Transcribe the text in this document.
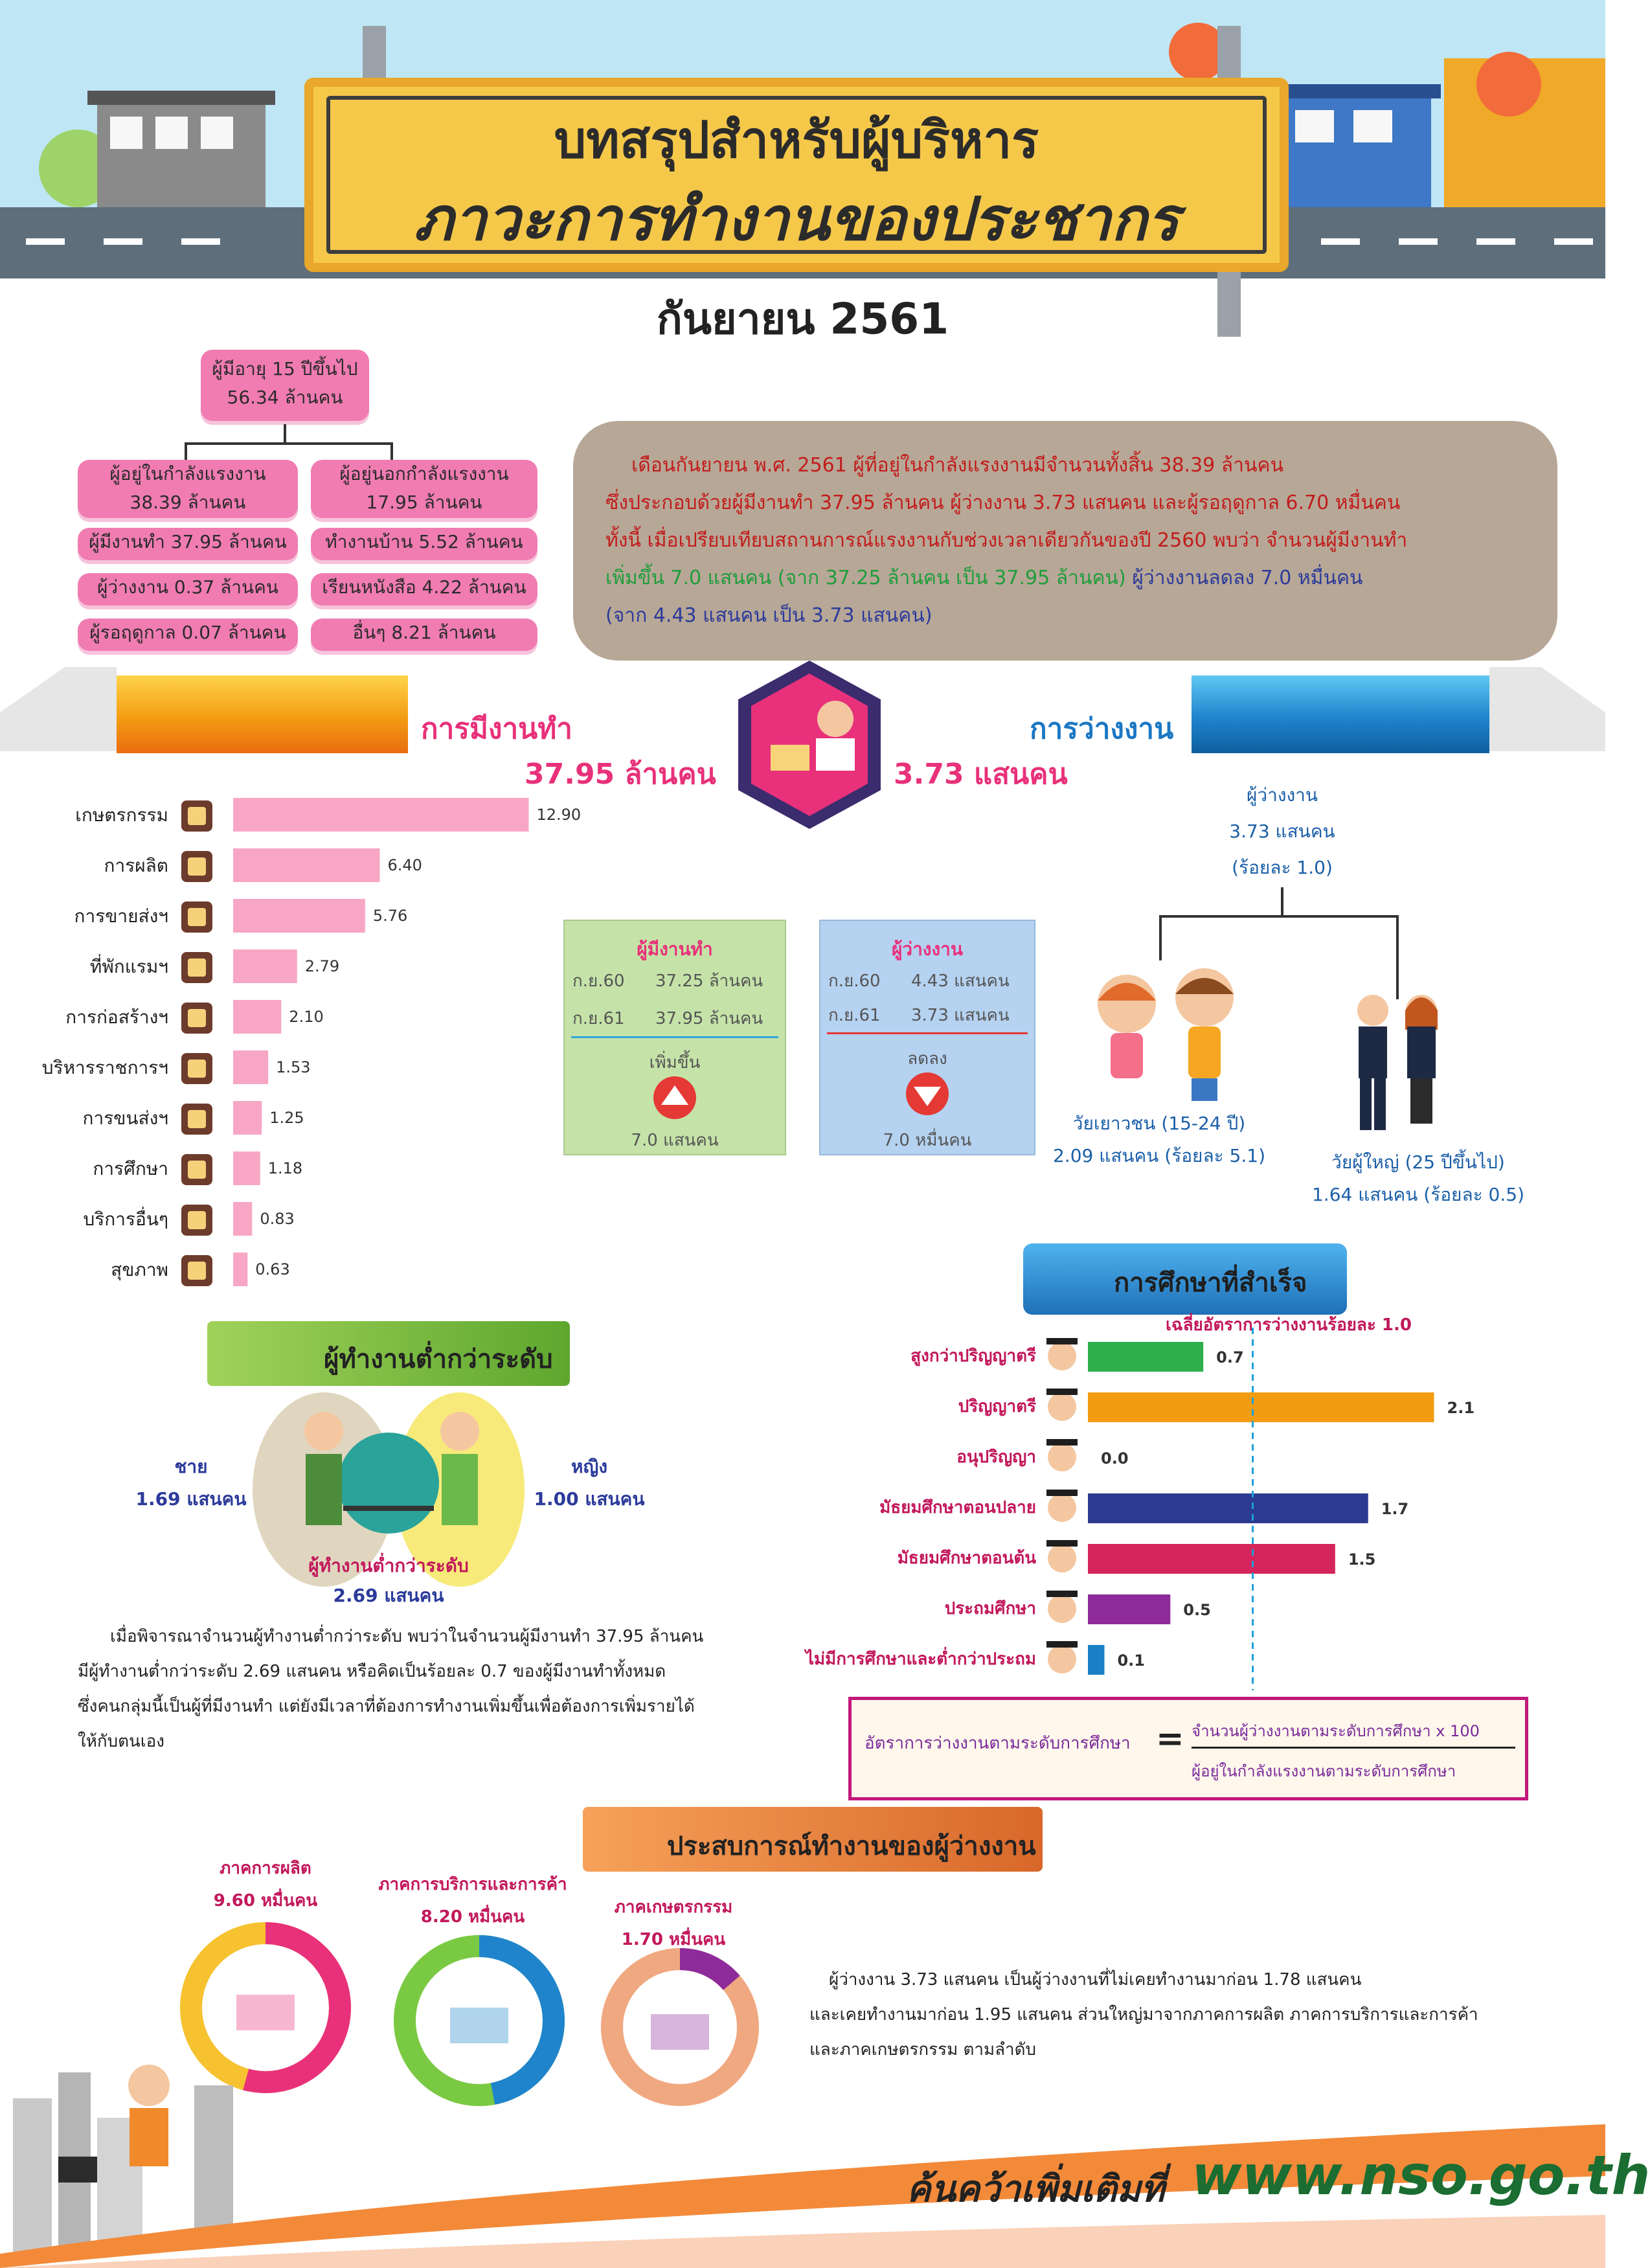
บทสรุปสำหรับผู้บริหาร
ภาวะการทำงานของประชากร
กันยายน 2561
ผู้มีอายุ 15 ปีขึ้นไป
56.34 ล้านคน
ผู้อยู่ในกำลังแรงงาน
38.39 ล้านคน
ผู้อยู่นอกกำลังแรงงาน
17.95 ล้านคน
ผู้มีงานทำ 37.95 ล้านคน
ผู้ว่างงาน 0.37 ล้านคน
ผู้รอฤดูกาล 0.07 ล้านคน
ทำงานบ้าน 5.52 ล้านคน
เรียนหนังสือ 4.22 ล้านคน
อื่นๆ 8.21 ล้านคน
เดือนกันยายน พ.ศ. 2561 ผู้ที่อยู่ในกำลังแรงงานมีจำนวนทั้งสิ้น 38.39 ล้านคน
ซึ่งประกอบด้วยผู้มีงานทำ 37.95 ล้านคน ผู้ว่างงาน 3.73 แสนคน และผู้รอฤดูกาล 6.70 หมื่นคน
ทั้งนี้ เมื่อเปรียบเทียบสถานการณ์แรงงานกับช่วงเวลาเดียวกันของปี 2560 พบว่า จำนวนผู้มีงานทำ
เพิ่มขึ้น 7.0 แสนคน (จาก 37.25 ล้านคน เป็น 37.95 ล้านคน) ผู้ว่างงานลดลง 7.0 หมื่นคน
(จาก 4.43 แสนคน เป็น 3.73 แสนคน)
การมีงานทำ
37.95 ล้านคน
การว่างงาน
3.73 แสนคน
เกษตรกรรม	12.90
การผลิต	6.40
การขายส่งฯ	5.76
ที่พักแรมฯ	2.79
การก่อสร้างฯ	2.10
บริหารราชการฯ	1.53
การขนส่งฯ	1.25
การศึกษา	1.18
บริการอื่นๆ	0.83
สุขภาพ	0.63
ผู้มีงานทำ
ก.ย.60 37.25 ล้านคน
ก.ย.61 37.95 ล้านคน
เพิ่มขึ้น
7.0 แสนคน
ผู้ว่างงาน
ก.ย.60 4.43 แสนคน
ก.ย.61 3.73 แสนคน
ลดลง
7.0 หมื่นคน
ผู้ว่างงาน
3.73 แสนคน
(ร้อยละ 1.0)
วัยเยาวชน (15-24 ปี)
2.09 แสนคน (ร้อยละ 5.1)	วัยผู้ใหญ่ (25 ปีขึ้นไป)
1.64 แสนคน (ร้อยละ 0.5)
การศึกษาที่สำเร็จ
เฉลี่ยอัตราการว่างงานร้อยละ 1.0
สูงกว่าปริญญาตรี	0.7
ปริญญาตรี	2.1
อนุปริญญา	0.0
มัธยมศึกษาตอนปลาย	1.7
มัธยมศึกษาตอนต้น	1.5
ประถมศึกษา	0.5
ไม่มีการศึกษาและต่ำกว่าประถม	0.1
อัตราการว่างงานตามระดับการศึกษา = จำนวนผู้ว่างงานตามระดับการศึกษา x 100
ผู้อยู่ในกำลังแรงงานตามระดับการศึกษา
ผู้ทำงานต่ำกว่าระดับ
ชาย
1.69 แสนคน
หญิง
1.00 แสนคน
ผู้ทำงานต่ำกว่าระดับ
2.69 แสนคน
เมื่อพิจารณาจำนวนผู้ทำงานต่ำกว่าระดับ พบว่าในจำนวนผู้มีงานทำ 37.95 ล้านคน
มีผู้ทำงานต่ำกว่าระดับ 2.69 แสนคน หรือคิดเป็นร้อยละ 0.7 ของผู้มีงานทำทั้งหมด
ซึ่งคนกลุ่มนี้เป็นผู้ที่มีงานทำ แต่ยังมีเวลาที่ต้องการทำงานเพิ่มขึ้นเพื่อต้องการเพิ่มรายได้
ให้กับตนเอง
ประสบการณ์ทำงานของผู้ว่างงาน
ภาคการผลิต
9.60 หมื่นคน
ภาคการบริการและการค้า
8.20 หมื่นคน	ภาคเกษตรกรรม
1.70 หมื่นคน
ผู้ว่างงาน 3.73 แสนคน เป็นผู้ว่างงานที่ไม่เคยทำงานมาก่อน 1.78 แสนคน
และเคยทำงานมาก่อน 1.95 แสนคน ส่วนใหญ่มาจากภาคการผลิต ภาคการบริการและการค้า
และภาคเกษตรกรรม ตามลำดับ
ค้นคว้าเพิ่มเติมที่ www.nso.go.th
